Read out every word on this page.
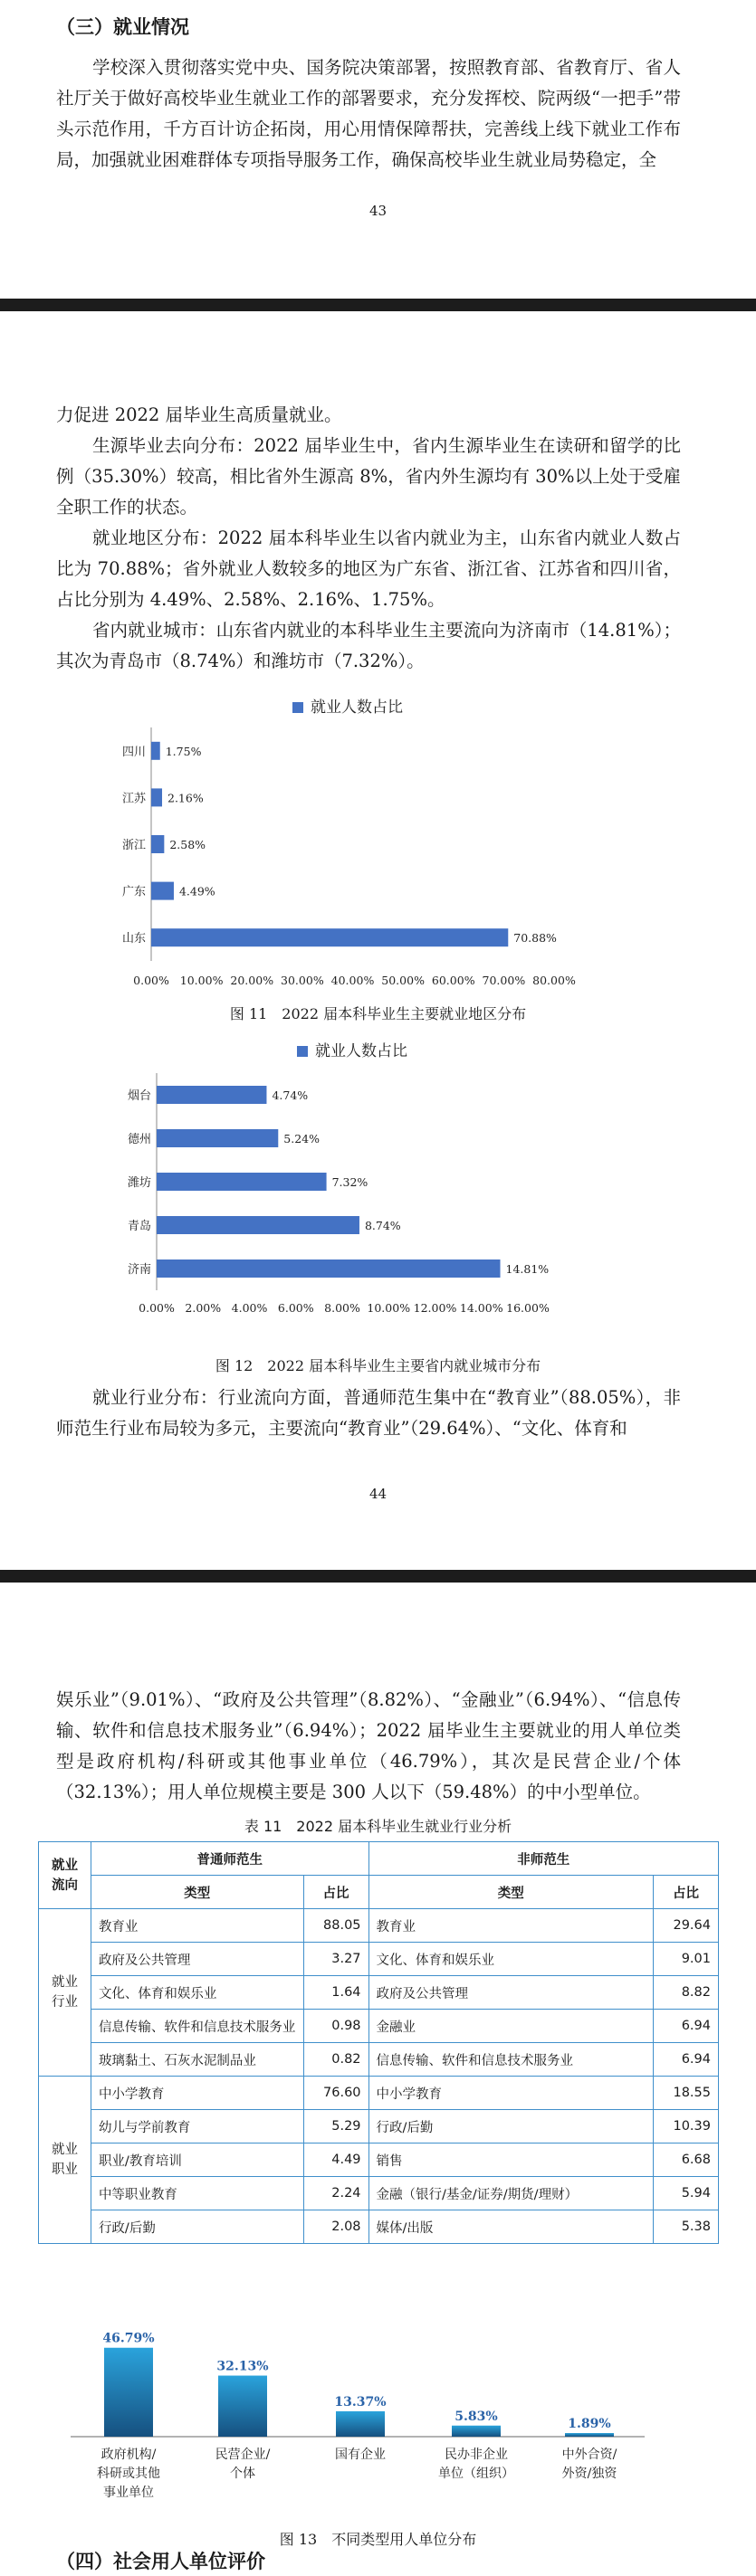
（三）就业情况

学校深入贯彻落实党中央、国务院决策部署，按照教育部、省教育厅、省人社厅关于做好高校毕业生就业工作的部署要求，充分发挥校、院两级“一把手”带头示范作用，千方百计访企拓岗，用心用情保障帮扶，完善线上线下就业工作布局，加强就业困难群体专项指导服务工作，确保高校毕业生就业局势稳定，全

43

力促进 2022 届毕业生高质量就业。

生源毕业去向分布：2022 届毕业生中，省内生源毕业生在读研和留学的比例（35.30%）较高，相比省外生源高 8%，省内外生源均有 30%以上处于受雇全职工作的状态。

就业地区分布：2022 届本科毕业生以省内就业为主，山东省内就业人数占比为 70.88%；省外就业人数较多的地区为广东省、浙江省、江苏省和四川省，占比分别为 4.49%、2.58%、2.16%、1.75%。

省内就业城市：山东省内就业的本科毕业生主要流向为济南市（14.81%）；其次为青岛市（8.74%）和潍坊市（7.32%）。

就业人数占比
四川 1.75%
江苏 2.16%
浙江 2.58%
广东	4.49%
山东	70.88%
0.00% 10.00% 20.00% 30.00% 40.00% 50.00% 60.00% 70.00% 80.00%
图 11　2022 届本科毕业生主要就业地区分布
就业人数占比
烟台	4.74%
德州	5.24%
潍坊	7.32%
青岛	8.74%
济南	14.81%
0.00% 2.00% 4.00% 6.00% 8.00% 10.00% 12.00% 14.00% 16.00%
图 12　2022 届本科毕业生主要省内就业城市分布

就业行业分布：行业流向方面，普通师范生集中在“教育业”（88.05%），非师范生行业布局较为多元，主要流向“教育业”（29.64%）、“文化、体育和

44

娱乐业”（9.01%）、“政府及公共管理”（8.82%）、“金融业”（6.94%）、“信息传输、软件和信息技术服务业”（6.94%）；2022 届毕业生主要就业的用人单位类型是政府机构/科研或其他事业单位（46.79%），其次是民营企业/个体（32.13%）；用人单位规模主要是 300 人以下（59.48%）的中小型单位。

表 11　2022 届本科毕业生就业行业分析
就业
流向	普通师范生		非师范生	
	类型	占比	类型	占比
就业
行业	教育业	88.05	教育业	29.64
	政府及公共管理	3.27	文化、体育和娱乐业	9.01
	文化、体育和娱乐业	1.64	政府及公共管理	8.82
	信息传输、软件和信息技术服务业	0.98	金融业	6.94
	玻璃黏土、石灰水泥制品业	0.82	信息传输、软件和信息技术服务业	6.94
就业
职业	中小学教育	76.60	中小学教育	18.55
	幼儿与学前教育	5.29	行政/后勤	10.39
	职业/教育培训	4.49	销售	6.68
	中等职业教育	2.24	金融（银行/基金/证券/期货/理财）	5.94
	行政/后勤	2.08	媒体/出版	5.38
46.79%
政府机构/科研或其他事业单位
32.13%
民营企业/个体
13.37%
国有企业
5.83%
民办非企业单位（组织）
1.89%
中外合资/外资/独资
图 13　不同类型用人单位分布
（四）社会用人单位评价
